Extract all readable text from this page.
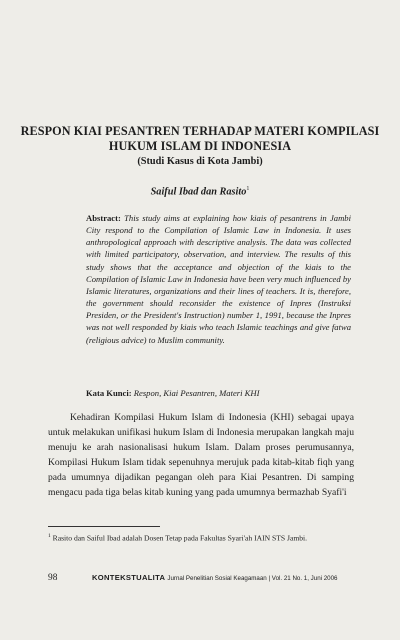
RESPON KIAI PESANTREN TERHADAP MATERI KOMPILASI HUKUM ISLAM DI INDONESIA
(Studi Kasus di Kota Jambi)
Saiful Ibad dan Rasito$^1$
Abstract: This study aims at explaining how kiais of pesantrens in Jambi City respond to the Compilation of Islamic Law in Indonesia. It uses anthropological approach with descriptive analysis. The data was collected with limited participatory, observation, and interview. The results of this study shows that the acceptance and objection of the kiais to the Compilation of Islamic Law in Indonesia have been very much influenced by Islamic literatures, organizations and their lines of teachers. It is, therefore, the government should reconsider the existence of Inpres (Instruksi Presiden, or the President's Instruction) number 1, 1991, because the Inpres was not well responded by kiais who teach Islamic teachings and give fatwa (religious advice) to Muslim community.
Kata Kunci: Respon, Kiai Pesantren, Materi KHI

Kehadiran Kompilasi Hukum Islam di Indonesia (KHI) sebagai upaya untuk melakukan unifikasi hukum Islam di Indonesia merupakan langkah maju menuju ke arah nasionalisasi hukum Islam. Dalam proses perumusannya, Kompilasi Hukum Islam tidak sepenuhnya merujuk pada kitab-kitab fiqh yang pada umumnya dijadikan pegangan oleh para Kiai Pesantren. Di samping mengacu pada tiga belas kitab kuning yang pada umumnya bermazhab Syafi'i

$^1$ Rasito dan Saiful Ibad adalah Dosen Tetap pada Fakultas Syari'ah IAIN STS Jambi.
98	KONTEKSTUALITA Jurnal Penelitian Sosial Keagamaan | Vol. 21 No. 1, Juni 2006
